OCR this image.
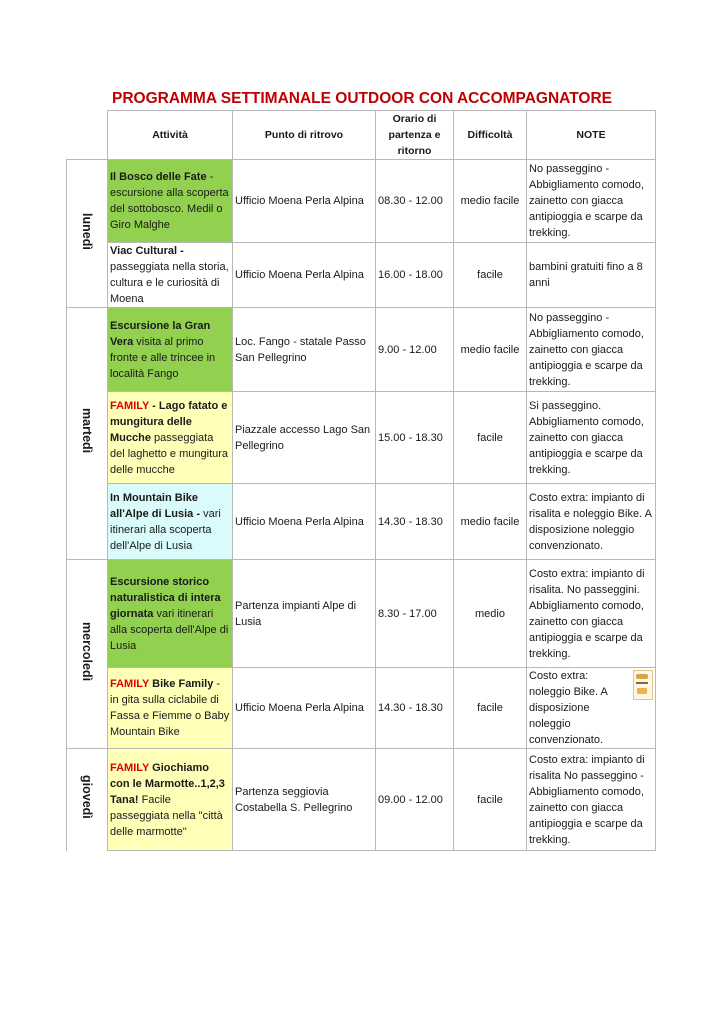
PROGRAMMA SETTIMANALE OUTDOOR CON ACCOMPAGNATORE
	Attività	Punto di ritrovo	Orario di
partenza e
ritorno	Difficoltà	NOTE
lunedì	Il Bosco delle Fate - escursione alla scoperta del sottobosco. Medil o Giro Malghe	Ufficio Moena Perla Alpina	08.30 - 12.00	medio facile	No passeggino - Abbigliamento comodo, zainetto con giacca antipioggia e scarpe da trekking.
	Viac Cultural - passeggiata nella storia, cultura e le curiosità di Moena	Ufficio Moena Perla Alpina	16.00 - 18.00	facile	bambini gratuiti fino a 8 anni
martedì	Escursione la Gran Vera visita al primo fronte e alle trincee in località Fango	Loc. Fango - statale Passo San Pellegrino	9.00 - 12.00	medio facile	No passeggino - Abbigliamento comodo, zainetto con giacca antipioggia e scarpe da trekking.
	FAMILY - Lago fatato e mungitura delle Mucche passeggiata del laghetto e mungitura delle mucche	Piazzale accesso Lago San Pellegrino	15.00 - 18.30	facile	Si passeggino. Abbigliamento comodo, zainetto con giacca antipioggia e scarpe da trekking.
	In Mountain Bike all'Alpe di Lusia - vari itinerari alla scoperta dell'Alpe di Lusia	Ufficio Moena Perla Alpina	14.30 - 18.30	medio facile	Costo extra: impianto di risalita e noleggio Bike. A disposizione noleggio convenzionato.
mercoledì	Escursione storico naturalistica di intera giornata vari itinerari alla scoperta dell'Alpe di Lusia	Partenza impianti Alpe di Lusia	8.30 - 17.00	medio	Costo extra: impianto di risalita. No passeggini. Abbigliamento comodo, zainetto con giacca antipioggia e scarpe da trekking.
	FAMILY Bike Family - in gita sulla ciclabile di Fassa e Fiemme o Baby Mountain Bike	Ufficio Moena Perla Alpina	14.30 - 18.30	facile	Costo extra: noleggio Bike. A disposizione noleggio convenzionato.

giovedì	FAMILY Giochiamo con le Marmotte..1,2,3 Tana! Facile passeggiata nella "città delle marmotte"	Partenza seggiovia Costabella S. Pellegrino	09.00 - 12.00	facile	Costo extra: impianto di risalita No passeggino - Abbigliamento comodo, zainetto con giacca antipioggia e scarpe da trekking.
